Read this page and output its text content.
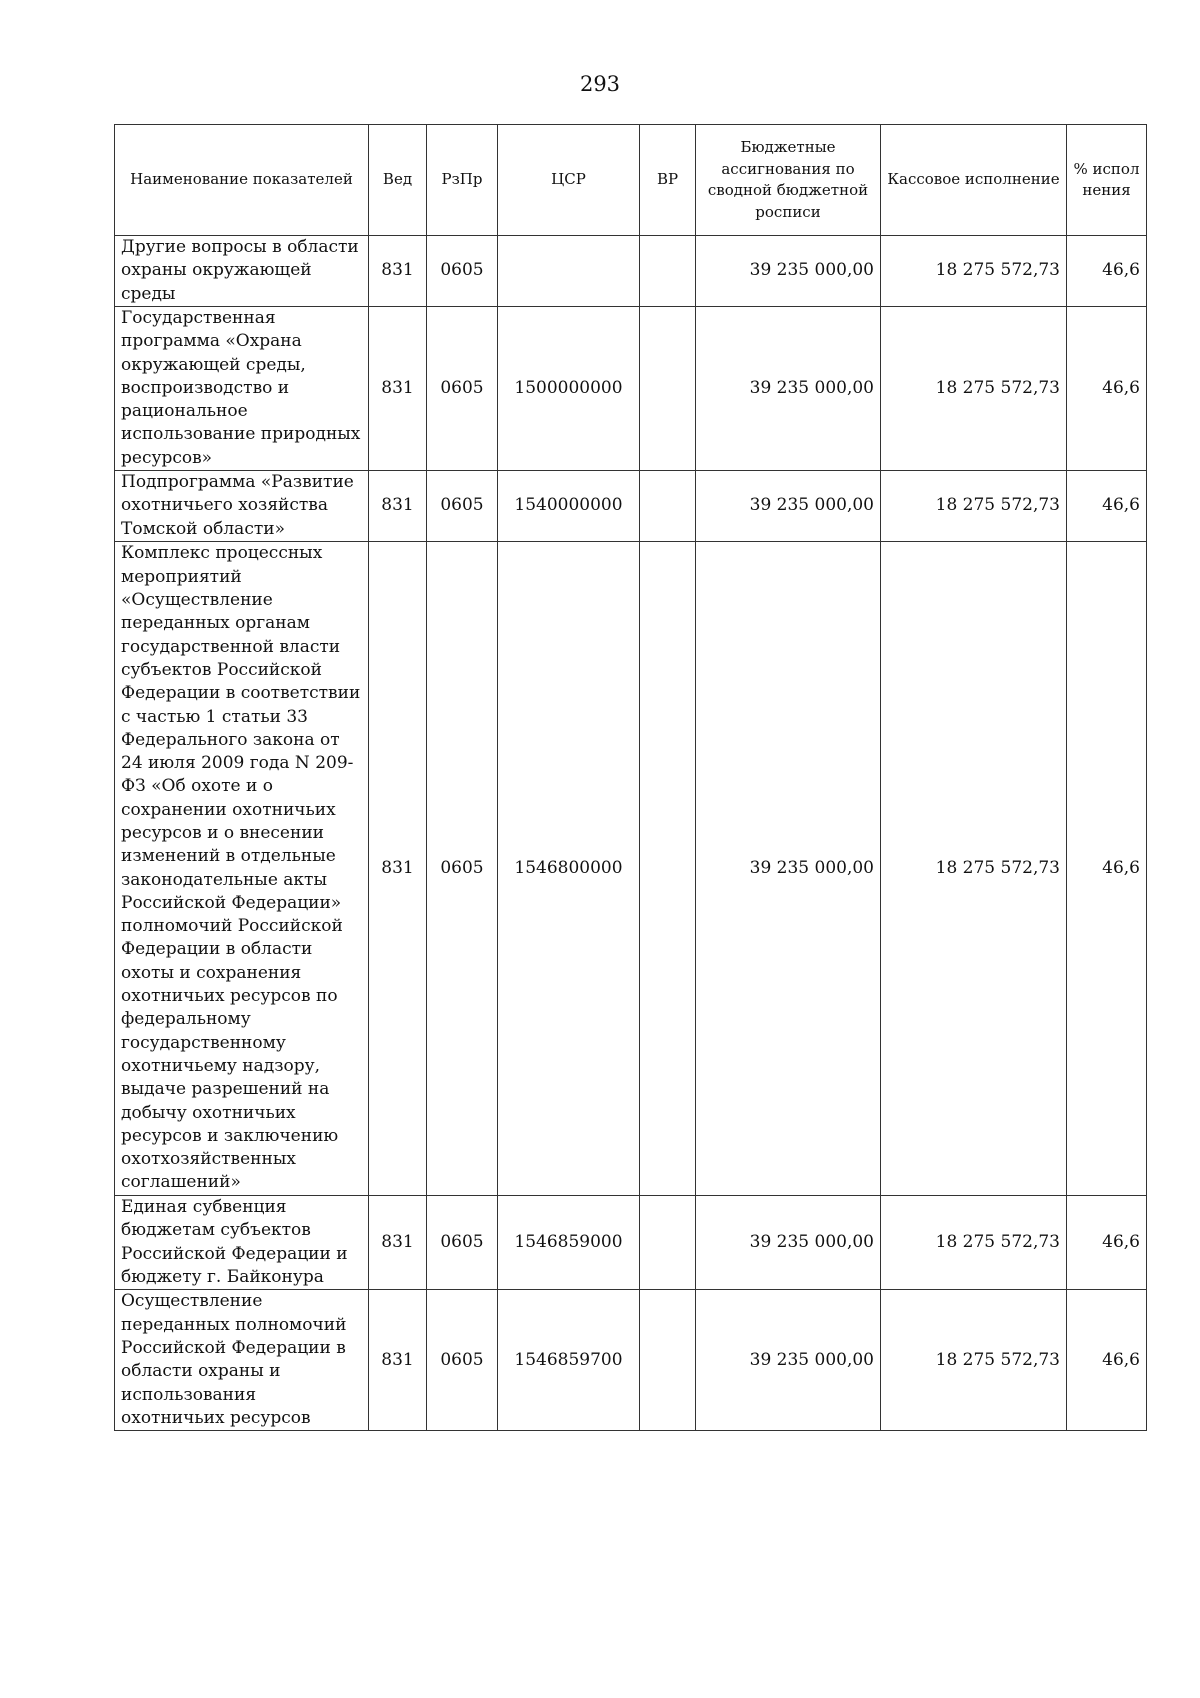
293
Наименование показателей	Вед	РзПр	ЦСР	ВР	Бюджетные ассигнования по сводной бюджетной росписи	Кассовое исполнение	% испол нения
Другие вопросы в области охраны окружающей среды	831	0605			39 235 000,00	18 275 572,73	46,6
Государственная программа «Охрана окружающей среды, воспроизводство и рациональное использование природных ресурсов»	831	0605	1500000000		39 235 000,00	18 275 572,73	46,6
Подпрограмма «Развитие охотничьего хозяйства Томской области»	831	0605	1540000000		39 235 000,00	18 275 572,73	46,6
Комплекс процессных мероприятий «Осуществление переданных органам государственной власти субъектов Российской Федерации в соответствии с частью 1 статьи 33 Федерального закона от 24 июля 2009 года N 209-ФЗ «Об охоте и о сохранении охотничьих ресурсов и о внесении изменений в отдельные законодательные акты Российской Федерации» полномочий Российской Федерации в области охоты и сохранения охотничьих ресурсов по федеральному государственному охотничьему надзору, выдаче разрешений на добычу охотничьих ресурсов и заключению охотхозяйственных соглашений»	831	0605	1546800000		39 235 000,00	18 275 572,73	46,6
Единая субвенция бюджетам субъектов Российской Федерации и бюджету г. Байконура	831	0605	1546859000		39 235 000,00	18 275 572,73	46,6
Осуществление переданных полномочий Российской Федерации в области охраны и использования охотничьих ресурсов	831	0605	1546859700		39 235 000,00	18 275 572,73	46,6
